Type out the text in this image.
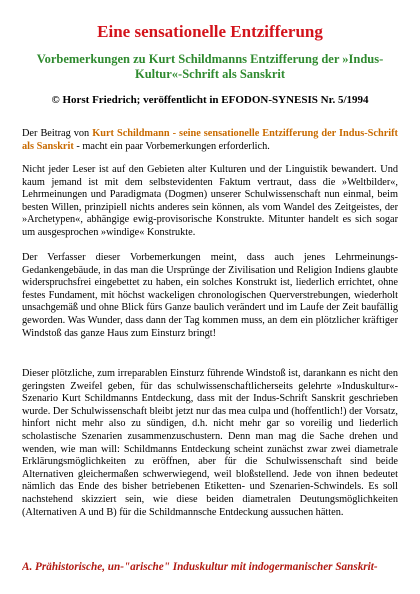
Eine sensationelle Entzifferung
Vorbemerkungen zu Kurt Schildmanns Entzifferung der »Indus-Kultur«-Schrift als Sanskrit
© Horst Friedrich; veröffentlicht in EFODON-SYNESIS Nr. 5/1994

Der Beitrag von Kurt Schildmann - seine sensationelle Entzifferung der Indus-Schrift als Sanskrit - macht ein paar Vorbemerkungen erforderlich.

Nicht jeder Leser ist auf den Gebieten alter Kulturen und der Linguistik bewandert. Und kaum jemand ist mit dem selbstevidenten Faktum vertraut, dass die »Weltbilder«, Lehrmeinungen und Paradigmata (Dogmen) unserer Schulwissenschaft nun einmal, beim besten Willen, prinzipiell nichts anderes sein können, als vom Wandel des Zeitgeistes, der »Archetypen«, abhängige ewig-provisorische Konstrukte. Mitunter handelt es sich sogar um ausgesprochen »windige« Konstrukte.

Der Verfasser dieser Vorbemerkungen meint, dass auch jenes Lehrmeinungs-Gedankengebäude, in das man die Ursprünge der Zivilisation und Religion Indiens glaubte widerspruchsfrei eingebettet zu haben, ein solches Konstrukt ist, liederlich errichtet, ohne festes Fundament, mit höchst wackeligen chronologischen Querverstrebungen, wiederholt unsachgemäß und ohne Blick fürs Ganze baulich verändert und im Laufe der Zeit baufällig geworden. Was Wunder, dass dann der Tag kommen muss, an dem ein plötzlicher kräftiger Windstoß das ganze Haus zum Einsturz bringt!

Dieser plötzliche, zum irreparablen Einsturz führende Windstoß ist, darankann es nicht den geringsten Zweifel geben, für das schulwissenschaftlicherseits gelehrte »Induskultur«-Szenario Kurt Schildmanns Entdeckung, dass mit der Indus-Schrift Sanskrit geschrieben wurde. Der Schulwissenschaft bleibt jetzt nur das mea culpa und (hoffentlich!) der Vorsatz, hinfort nicht mehr also zu sündigen, d.h. nicht mehr gar so voreilig und liederlich scholastische Szenarien zusammenzuschustern. Denn man mag die Sache drehen und wenden, wie man will: Schildmanns Entdeckung scheint zunächst zwar zwei diametrale Erklärungsmöglichkeiten zu eröffnen, aber für die Schulwissenschaft sind beide Alternativen gleichermaßen schwerwiegend, weil bloßstellend. Jede von ihnen bedeutet nämlich das Ende des bisher betriebenen Etiketten- und Szenarien-Schwindels. Es soll nachstehend skizziert sein, wie diese beiden diametralen Deutungsmöglichkeiten (Alternativen A und B) für die Schildmannsche Entdeckung aussuchen hätten.

A. Prähistorische, un-"arische" Induskultur mit indogermanischer Sanskrit-
